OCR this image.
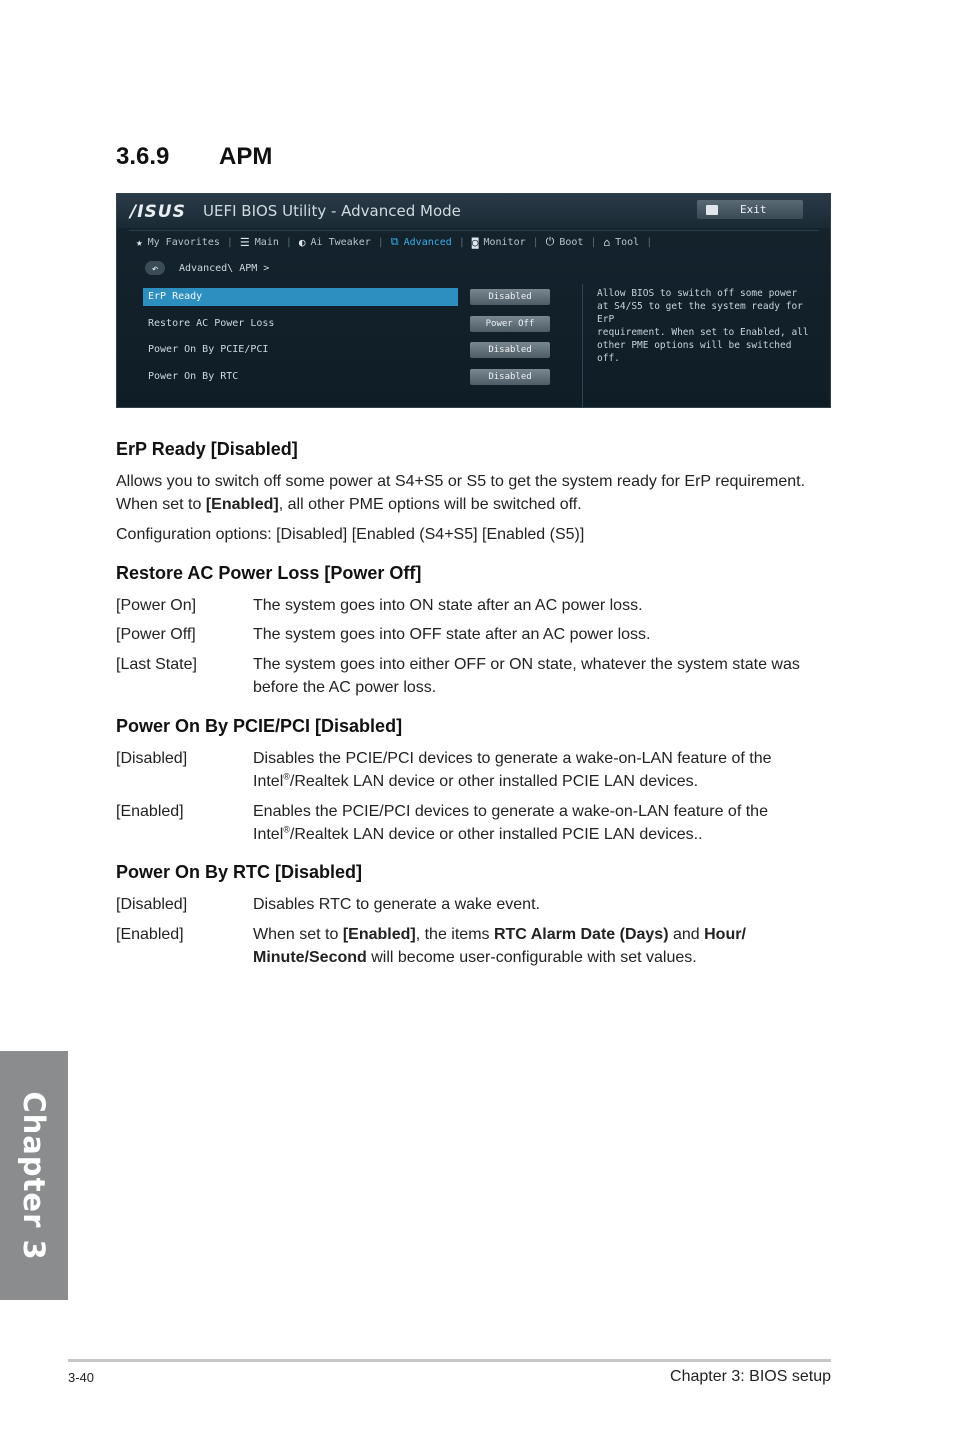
3.6.9 APM
/ISUS UEFI BIOS Utility - Advanced Mode	Exit
★ My Favorites | ☰ Main | ◐ Ai Tweaker | ⧉ Advanced | ◙ Monitor | ⏻ Boot | ⌂ Tool |
↶	Advanced\ APM >
ErP Ready	Disabled
Restore AC Power Loss	Power Off
Power On By PCIE/PCI	Disabled
Power On By RTC	Disabled
Allow BIOS to switch off some power
at S4/S5 to get the system ready for
ErP
requirement. When set to Enabled, all
other PME options will be switched
off.
ErP Ready [Disabled]
Allows you to switch off some power at S4+S5 or S5 to get the system ready for ErP requirement. When set to [Enabled], all other PME options will be switched off.
Configuration options: [Disabled] [Enabled (S4+S5] [Enabled (S5)]
Restore AC Power Loss [Power Off]
[Power On]	The system goes into ON state after an AC power loss.
[Power Off]	The system goes into OFF state after an AC power loss.
[Last State]	The system goes into either OFF or ON state, whatever the system state was before the AC power loss.
Power On By PCIE/PCI [Disabled]
[Disabled]	Disables the PCIE/PCI devices to generate a wake-on-LAN feature of the Intel®/Realtek LAN device or other installed PCIE LAN devices.
[Enabled]	Enables the PCIE/PCI devices to generate a wake-on-LAN feature of the Intel®/Realtek LAN device or other installed PCIE LAN devices..
Power On By RTC [Disabled]
[Disabled]	Disables RTC to generate a wake event.
[Enabled]	When set to [Enabled], the items RTC Alarm Date (Days) and Hour/ Minute/Second will become user-configurable with set values.
Chapter 3
3-40	Chapter 3: BIOS setup
